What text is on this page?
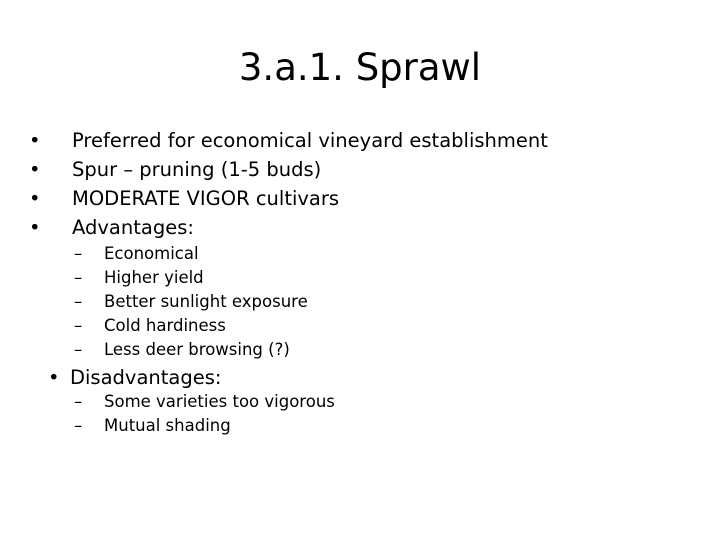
3.a.1. Sprawl
• Preferred for economical vineyard establishment
• Spur – pruning (1-5 buds)
• MODERATE VIGOR cultivars
• Advantages:
– Economical
– Higher yield
– Better sunlight exposure
– Cold hardiness
– Less deer browsing (?)
• Disadvantages:
– Some varieties too vigorous
– Mutual shading
